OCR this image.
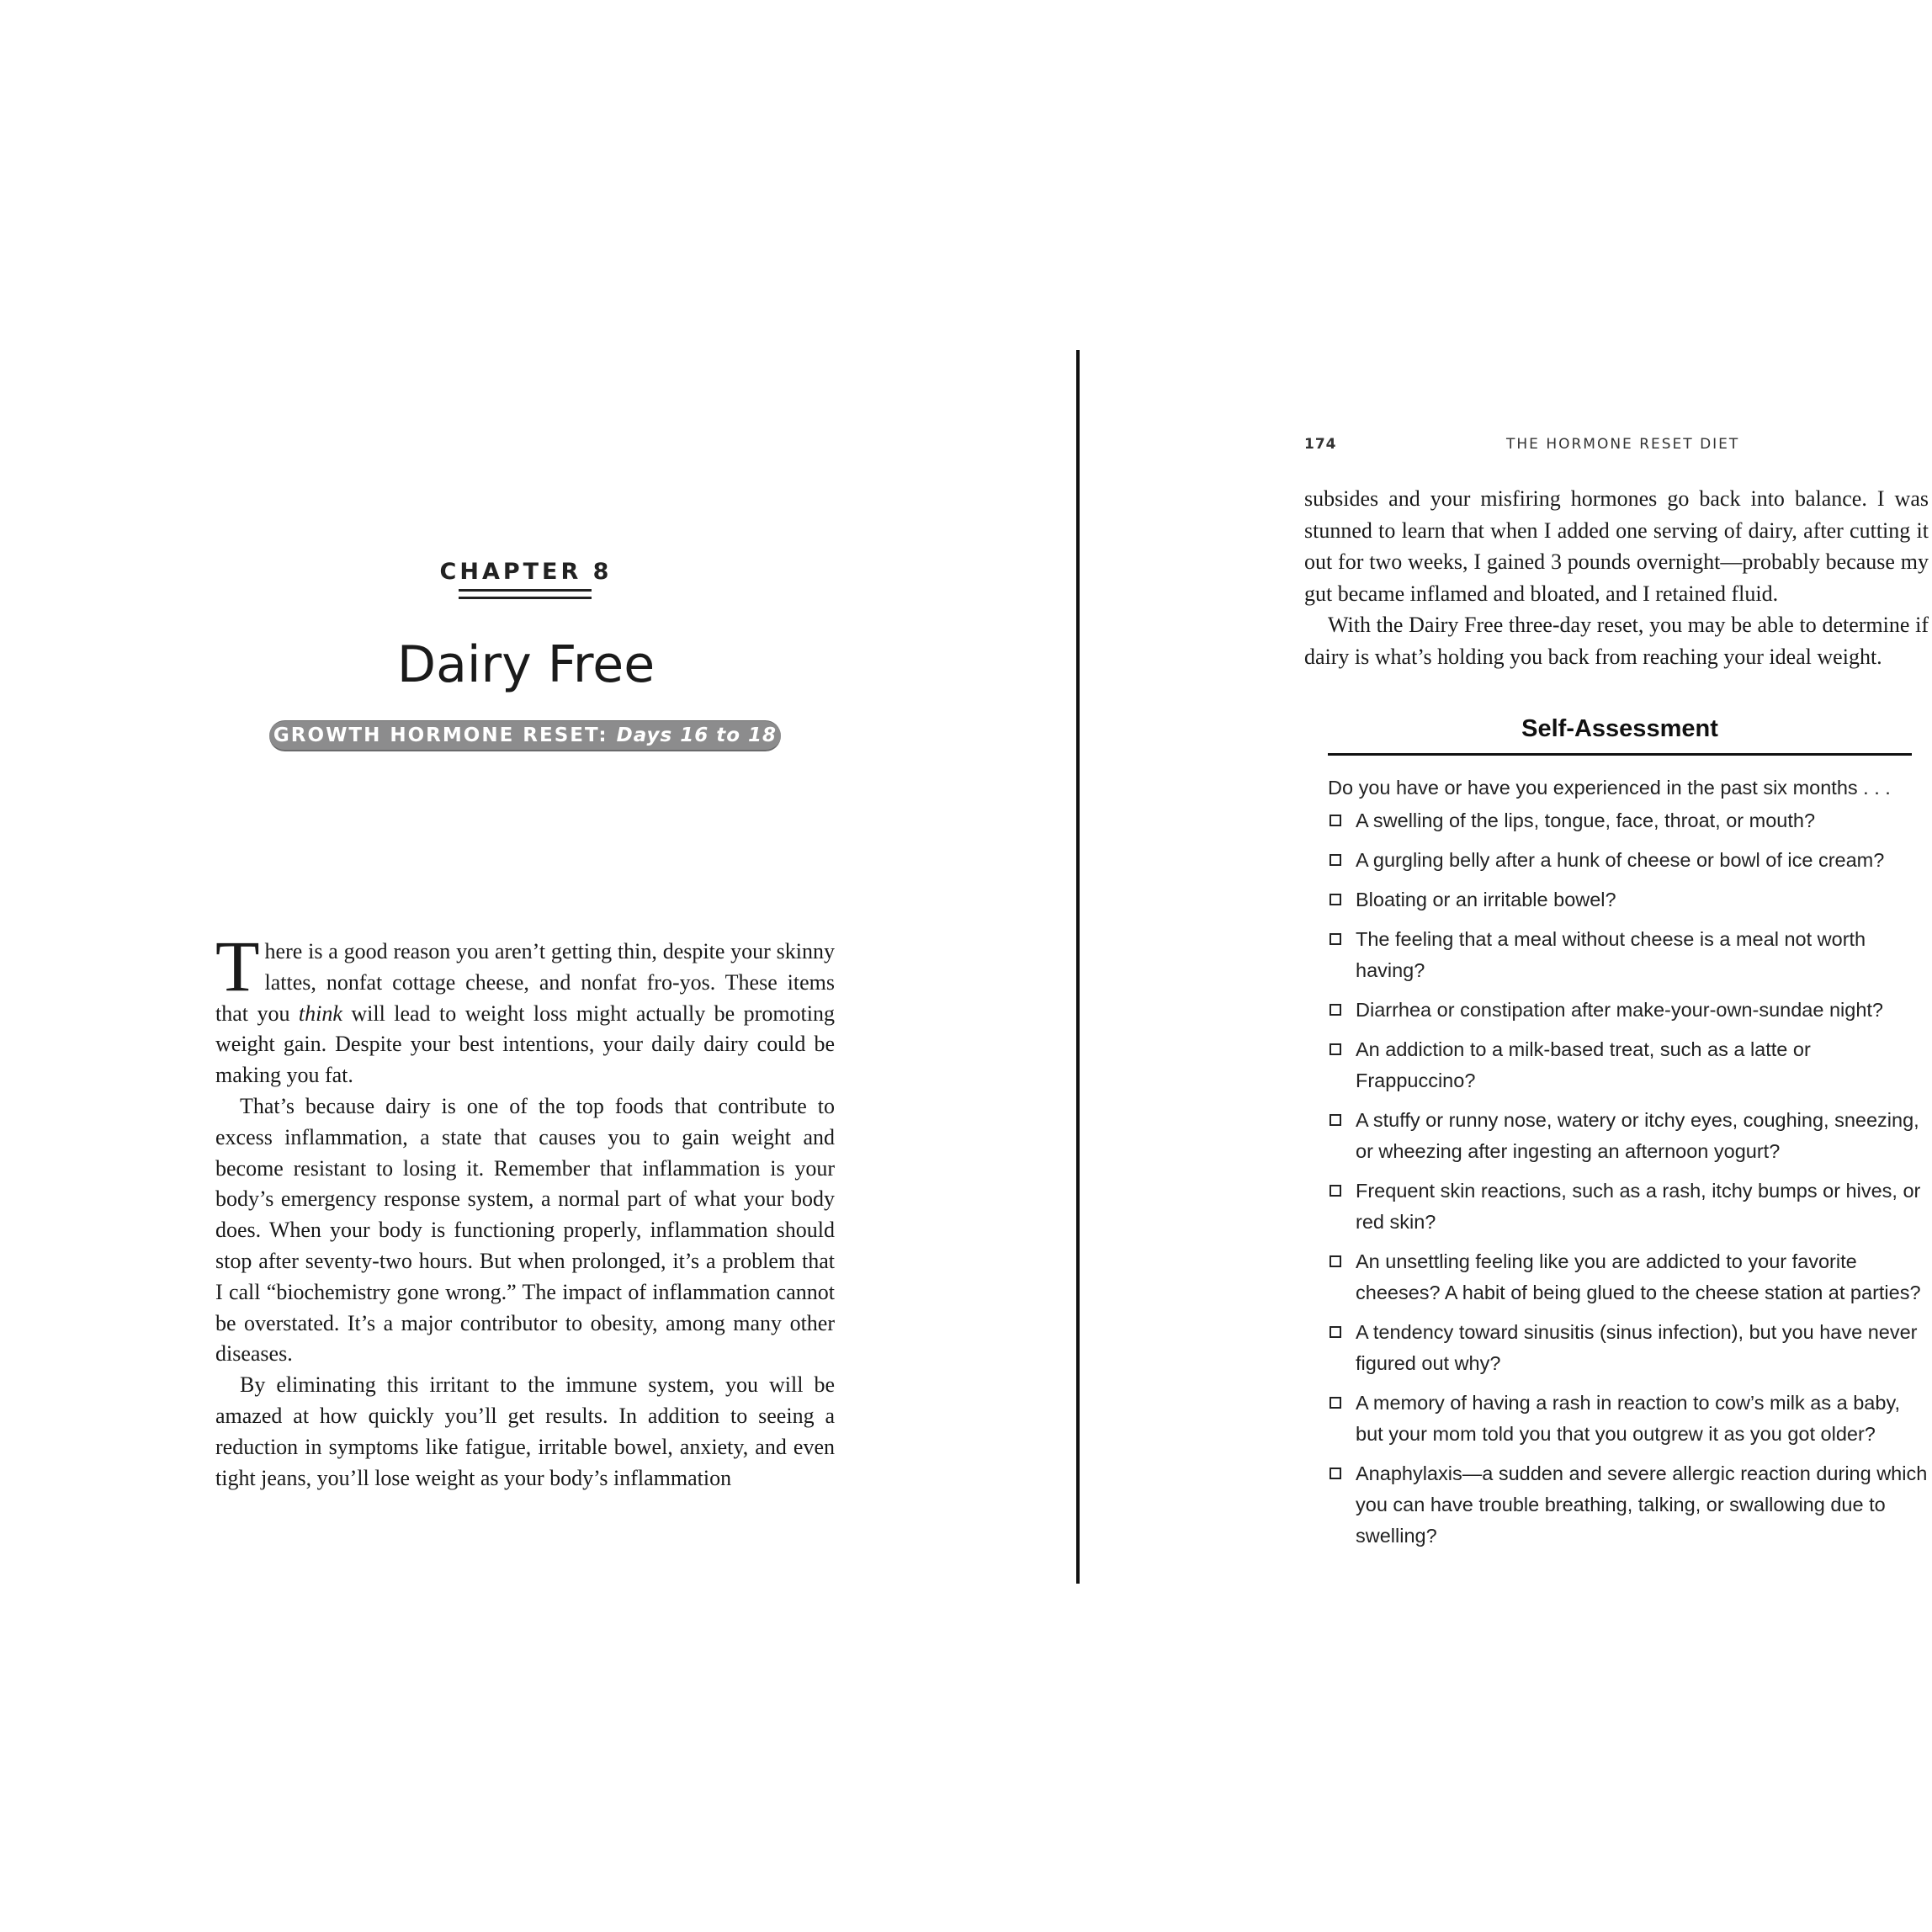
CHAPTER 8
Dairy Free
GROWTH HORMONE RESET: Days 16 to 18

There is a good reason you aren’t getting thin, despite your skinny lattes, nonfat cottage cheese, and nonfat fro-yos. These items that you think will lead to weight loss might actually be promoting weight gain. Despite your best intentions, your daily dairy could be making you fat.

That’s because dairy is one of the top foods that contribute to excess inflammation, a state that causes you to gain weight and become resistant to losing it. Remember that inflammation is your body’s emergency response system, a normal part of what your body does. When your body is functioning properly, inflammation should stop after seventy-two hours. But when prolonged, it’s a problem that I call “biochemistry gone wrong.” The impact of inflammation cannot be overstated. It’s a major contributor to obesity, among many other diseases.

By eliminating this irritant to the immune system, you will be amazed at how quickly you’ll get results. In addition to seeing a reduction in symptoms like fatigue, irritable bowel, anxiety, and even tight jeans, you’ll lose weight as your body’s inflammation

174	THE HORMONE RESET DIET

subsides and your misfiring hormones go back into balance. I was stunned to learn that when I added one serving of dairy, after cutting it out for two weeks, I gained 3 pounds overnight—probably because my gut became inflamed and bloated, and I retained fluid.

With the Dairy Free three-day reset, you may be able to determine if dairy is what’s holding you back from reaching your ideal weight.

Self-Assessment
Do you have or have you experienced in the past six months . . .
A swelling of the lips, tongue, face, throat, or mouth?
A gurgling belly after a hunk of cheese or bowl of ice cream?
Bloating or an irritable bowel?
The feeling that a meal without cheese is a meal not worth having?
Diarrhea or constipation after make-your-own-sundae night?
An addiction to a milk-based treat, such as a latte or Frappuccino?
A stuffy or runny nose, watery or itchy eyes, coughing, sneezing, or wheezing after ingesting an afternoon yogurt?
Frequent skin reactions, such as a rash, itchy bumps or hives, or red skin?
An unsettling feeling like you are addicted to your favorite cheeses? A habit of being glued to the cheese station at parties?
A tendency toward sinusitis (sinus infection), but you have never figured out why?
A memory of having a rash in reaction to cow’s milk as a baby, but your mom told you that you outgrew it as you got older?
Anaphylaxis—a sudden and severe allergic reaction during which you can have trouble breathing, talking, or swallowing due to swelling?
